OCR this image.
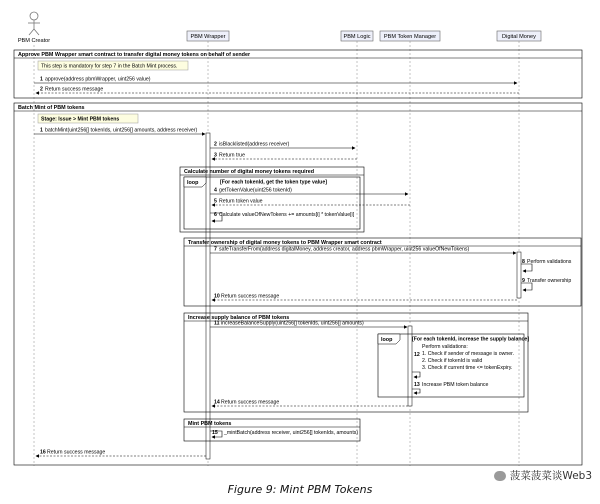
PBM Creator
PBM Wrapper	PBM Logic PBM Token Manager	Digital Money
Approve PBM Wrapper smart contract to transfer digital money tokens on behalf of sender
This step is mandatory for step 7 in the Batch Mint process.
1 approve(address pbmWrapper, uint256 value)
2 Return success message
Batch Mint of PBM tokens
Stage: Issue > Mint PBM tokens
1 batchMint(uint256[] tokenIds, uint256[] amounts, address receiver)
2 isBlacklisted(address receiver)
3 Return true
Calculate number of digital money tokens required
loop	[For each tokenId, get the token type value]
4 getTokenValue(uint256 tokenId)
5 Return token value
6 Calculate valueOfNewTokens += amounts[i] * tokenValue[i]
Transfer ownership of digital money tokens to PBM Wrapper smart contract
7 safeTransferFrom(address digitalMoney, address creator, address pbmWrapper, uint256 valueOfNewTokens)
8 Perform validations
9 Transfer ownership
10 Return success message
Increase supply balance of PBM tokens
11 increaseBalanceSupply(uint256[] tokenIds, uint256[] amounts)
loop	[For each tokenId, increase the supply balance]
Perform validations:
12 1. Check if sender of message is owner.
2. Check if tokenId is valid
3. Check if current time <= tokenExpiry.
13 Increase PBM token balance
14 Return success message
Mint PBM tokens
15 _mintBatch(address receiver, uint256[] tokenIds, amounts)
16 Return success message
菠菜菠菜谈Web3
Figure 9: Mint PBM Tokens
